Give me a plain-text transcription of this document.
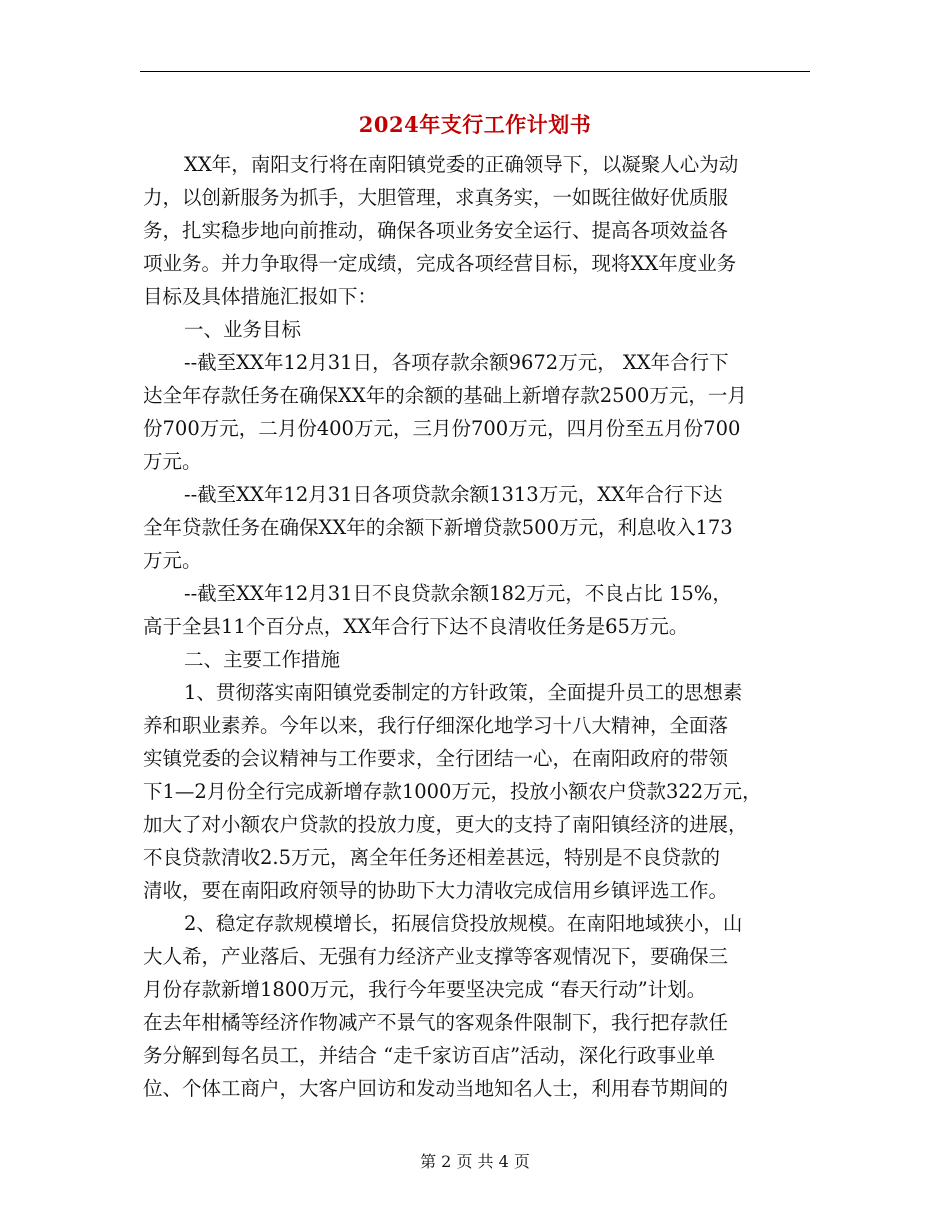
2024年支行工作计划书
XX年，南阳支行将在南阳镇党委的正确领导下，以凝聚人心为动
力，以创新服务为抓手，大胆管理，求真务实，一如既往做好优质服
务，扎实稳步地向前推动，确保各项业务安全运行、提高各项效益各
项业务。并力争取得一定成绩，完成各项经营目标，现将XX年度业务
目标及具体措施汇报如下：
一、业务目标
--截至XX年12月31日，各项存款余额9672万元， XX年合行下
达全年存款任务在确保XX年的余额的基础上新增存款2500万元，一月
份700万元，二月份400万元，三月份700万元，四月份至五月份700
万元。
--截至XX年12月31日各项贷款余额1313万元，XX年合行下达
全年贷款任务在确保XX年的余额下新增贷款500万元，利息收入173
万元。
--截至XX年12月31日不良贷款余额182万元，不良占比 15%，
高于全县11个百分点，XX年合行下达不良清收任务是65万元。
二、主要工作措施
1、贯彻落实南阳镇党委制定的方针政策，全面提升员工的思想素
养和职业素养。今年以来，我行仔细深化地学习十八大精神，全面落
实镇党委的会议精神与工作要求，全行团结一心，在南阳政府的带领
下1—2月份全行完成新增存款1000万元，投放小额农户贷款322万元，
加大了对小额农户贷款的投放力度，更大的支持了南阳镇经济的进展，
不良贷款清收2.5万元，离全年任务还相差甚远，特别是不良贷款的
清收，要在南阳政府领导的协助下大力清收完成信用乡镇评选工作。
2、稳定存款规模增长，拓展信贷投放规模。在南阳地域狭小，山
大人希，产业落后、无强有力经济产业支撑等客观情况下，要确保三
月份存款新增1800万元，我行今年要坚决完成 “春天行动”计划。
在去年柑橘等经济作物减产不景气的客观条件限制下，我行把存款任
务分解到每名员工，并结合 “走千家访百店”活动，深化行政事业单
位、个体工商户，大客户回访和发动当地知名人士，利用春节期间的
第 2 页 共 4 页
